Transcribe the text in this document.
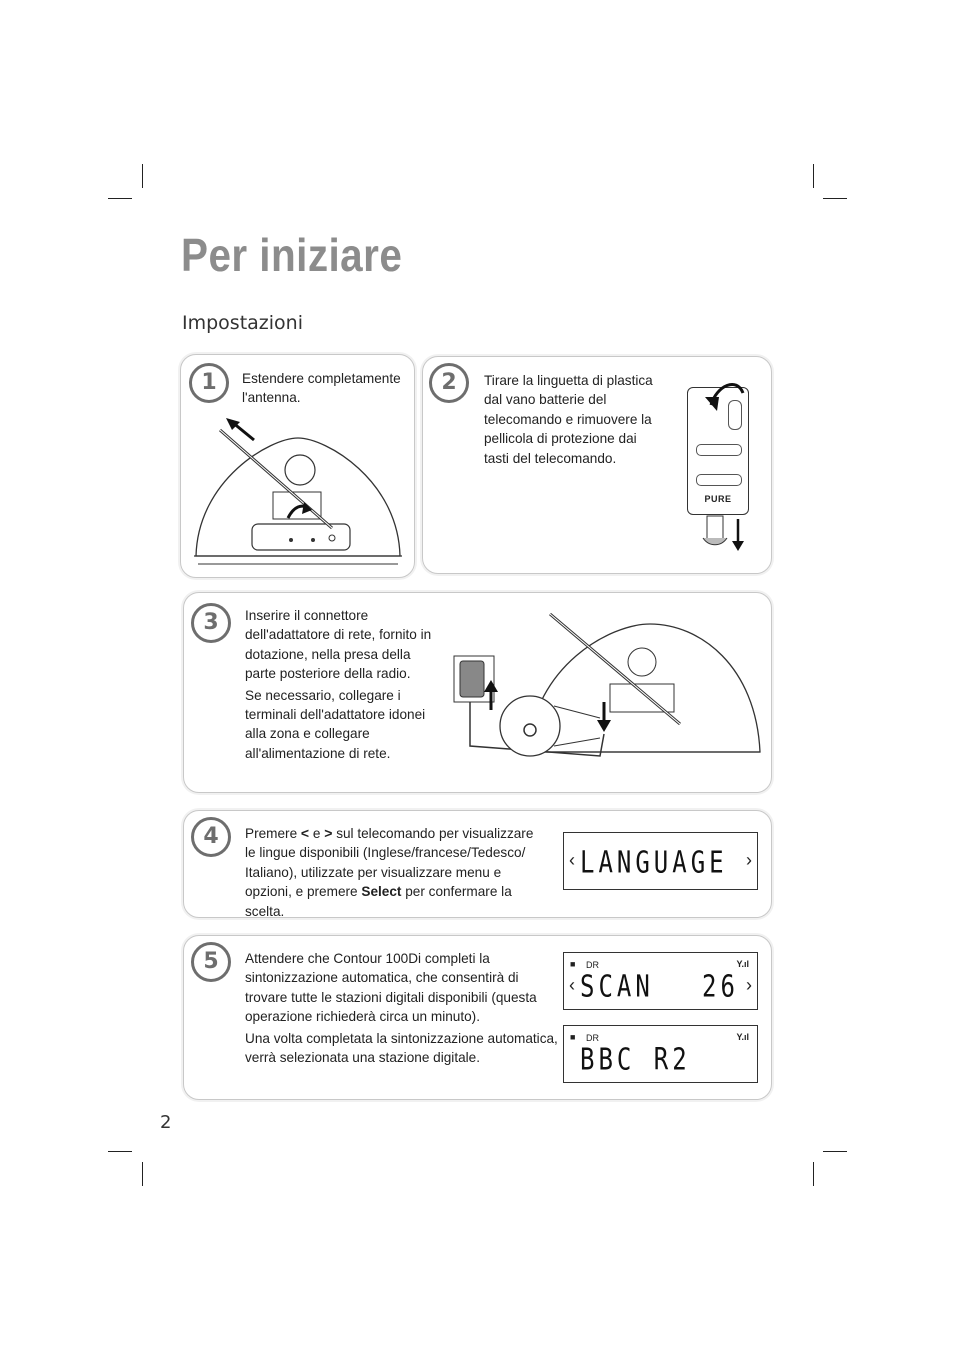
Per iniziare
Impostazioni
1	Estendere completamente l'antenna.

2	Tirare la linguetta di plastica dal vano batterie del telecomando e rimuovere la pellicola di protezione dai tasti del telecomando.

PURE
3	Inserire il connettore dell'adattatore di rete, fornito in dotazione, nella presa della parte posteriore della radio.

Se necessario, collegare i terminali dell'adattatore idonei alla zona e collegare all'alimentazione di rete.

4	Premere < e > sul telecomando per visualizzare le lingue disponibili (Inglese/francese/Tedesco/ Italiano), utilizzate per visualizzare menu e opzioni, e premere Select per confermare la scelta.

‹ LANGUAGE ›
5	Attendere che Contour 100Di completi la sintonizzazione automatica, che consentirà di trovare tutte le stazioni digitali disponibili (questa operazione richiederà circa un minuto).

Una volta completata la sintonizzazione automatica, verrà selezionata una stazione digitale.

■ DR	Y.ıl
‹ SCAN 26 ›
■ DR	Y.ıl
BBC R2
2
